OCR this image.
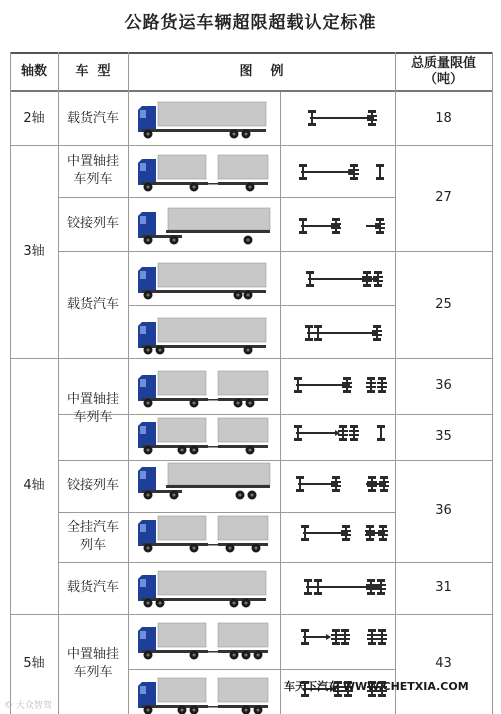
公路货运车辆超限超载认定标准
轴数	车  型	图    例
总质量限值
（吨）
2轴
3轴
4轴
5轴
载货汽车
中置轴挂车列车
铰接列车
载货汽车
中置轴挂车列车
铰接列车
全挂汽车列车
载货汽车
中置轴挂车列车
18
27
25
36
35
36
31
43
© 大众智驾
车天下汽车 WWW.CHETXIA.COM
